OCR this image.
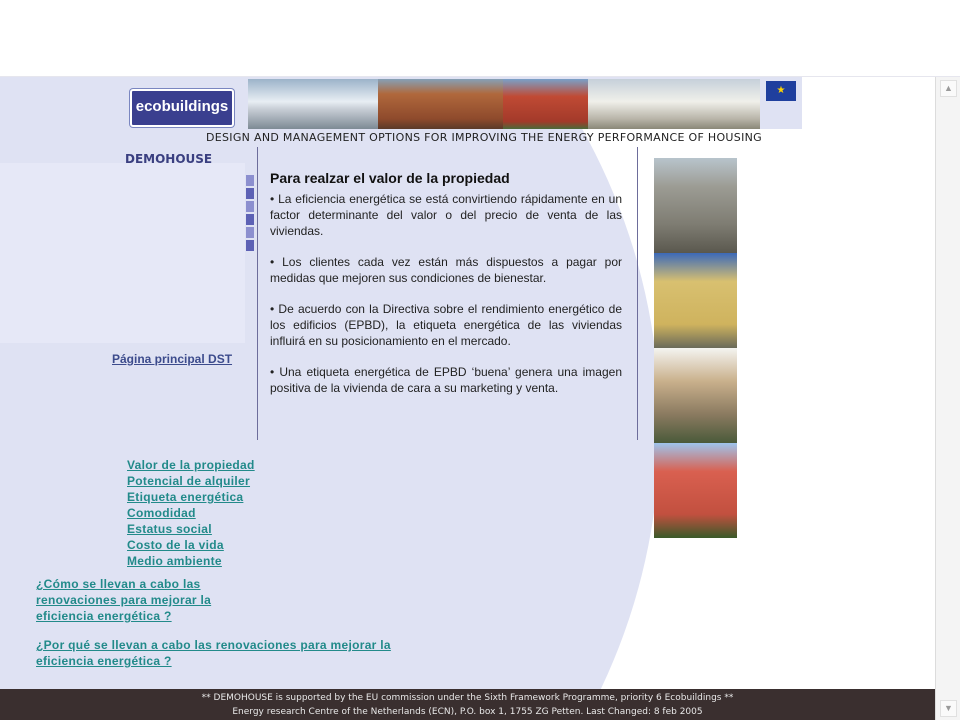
ecobuildings
★
DESIGN AND MANAGEMENT OPTIONS FOR IMPROVING THE ENERGY PERFORMANCE OF HOUSING
DEMOHOUSE
Página principal DST
Para realzar el valor de la propiedad

• La eficiencia energética se está convirtiendo rápidamente en un factor determinante del valor o del precio de venta de las viviendas.

• Los clientes cada vez están más dispuestos a pagar por medidas que mejoren sus condiciones de bienestar.

• De acuerdo con la Directiva sobre el rendimiento energético de los edificios (EPBD), la etiqueta energética de las viviendas influirá en su posicionamiento en el mercado.

• Una etiqueta energética de EPBD ‘buena’ genera una imagen positiva de la vivienda de cara a su marketing y venta.

Valor de la propiedad
Potencial de alquiler
Etiqueta energética
Comodidad
Estatus social
Costo de la vida
Medio ambiente
¿Cómo se llevan a cabo las renovaciones para mejorar la eficiencia energética ?
¿Por qué se llevan a cabo las renovaciones para mejorar la eficiencia energética ?
** DEMOHOUSE is supported by the EU commission under the Sixth Framework Programme, priority 6 Ecobuildings **
Energy research Centre of the Netherlands (ECN), P.O. box 1, 1755 ZG Petten. Last Changed: 8 feb 2005
▲
▼
